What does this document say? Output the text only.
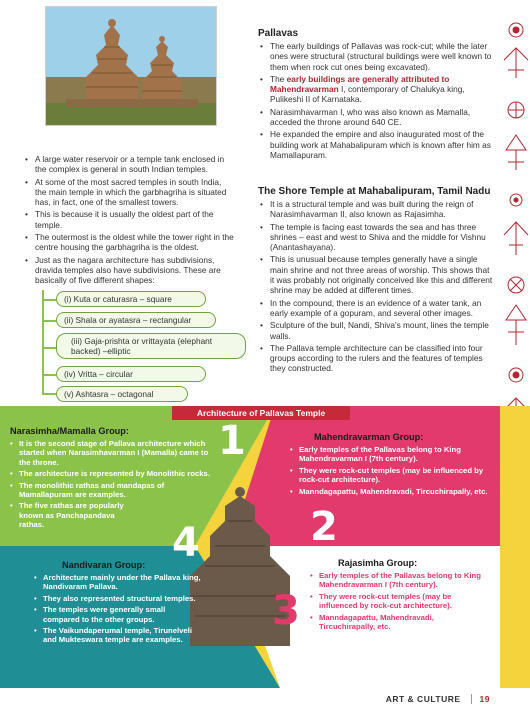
• A large water reservoir or a temple tank enclosed in the complex is general in south Indian temples.
• At some of the most sacred temples in south India, the main temple in which the garbhagriha is situated has, in fact, one of the smallest towers.
• This is because it is usually the oldest part of the temple.
• The outermost is the oldest while the tower right in the centre housing the garbhagriha is the oldest.
• Just as the nagara architecture has subdivisions, dravida temples also have subdivisions. These are basically of five different shapes:
(i) Kuta or caturasra – square
(ii) Shala or ayatasra – rectangular
(iii) Gaja-prishta or vrittayata (elephant backed) –elliptic
(iv) Vritta – circular
(v) Ashtasra – octagonal
Pallavas
• The early buildings of Pallavas was rock-cut; while the later ones were structural (structural buildings were well known to them when rock cut ones being excavated).
• The early buildings are generally attributed to Mahendravarman I, contemporary of Chalukya king, Pulikeshi II of Karnataka.
• Narasimhavarman I, who was also known as Mamalla, acceded the throne around 640 CE.
• He expanded the empire and also inaugurated most of the building work at Mahabalipuram which is known after him as Mamallapuram.
The Shore Temple at Mahabalipuram, Tamil Nadu
• It is a structural temple and was built during the reign of Narasimhavarman II, also known as Rajasimha.
• The temple is facing east towards the sea and has three shrines – east and west to Shiva and the middle for Vishnu (Anantashayana).
• This is unusual because temples generally have a single main shrine and not three areas of worship. This shows that it was probably not originally conceived like this and different shrine may be added at different times.
• In the compound, there is an evidence of a water tank, an early example of a gopuram, and several other images.
• Sculpture of the bull, Nandi, Shiva's mount, lines the temple walls.
• The Pallava temple architecture can be classified into four groups according to the rulers and the features of temples they constructed.
Architecture of Pallavas Temple
Narasimha/Mamalla Group:
• It is the second stage of Pallava architecture which started when Narasimhavarman I (Mamalla) came to the throne.
• The architecture is represented by Monolithic rocks.
• The monolithic rathas and mandapas of Mamallapuram are examples.
• The five rathas are popularly known as Panchapandava rathas.
1	Mahendravarman Group:
• Early temples of the Pallavas belong to King Mahendravarman I (7th century).
• They were rock-cut temples (may be influenced by rock-cut architecture).
• Manndagapattu, Mahendravadi, Tircuchirapally, etc.
2
4
Nandivaran Group:
• Architecture mainly under the Pallava king, Nandivaram Pallava.
• They also represented structural temples.
• The temples were generally small compared to the other groups.
• The Vaikundaperumal temple, Tirunelveli and Mukteswara temple are examples.
3
Rajasimha Group:
• Early temples of the Pallavas belong to King Mahendravarman I (7th century).
• They were rock-cut temples (may be influenced by rock-cut architecture).
• Manndagapattu, Mahendravadi, Tircuchirapally, etc.
ART & CULTURE 19
